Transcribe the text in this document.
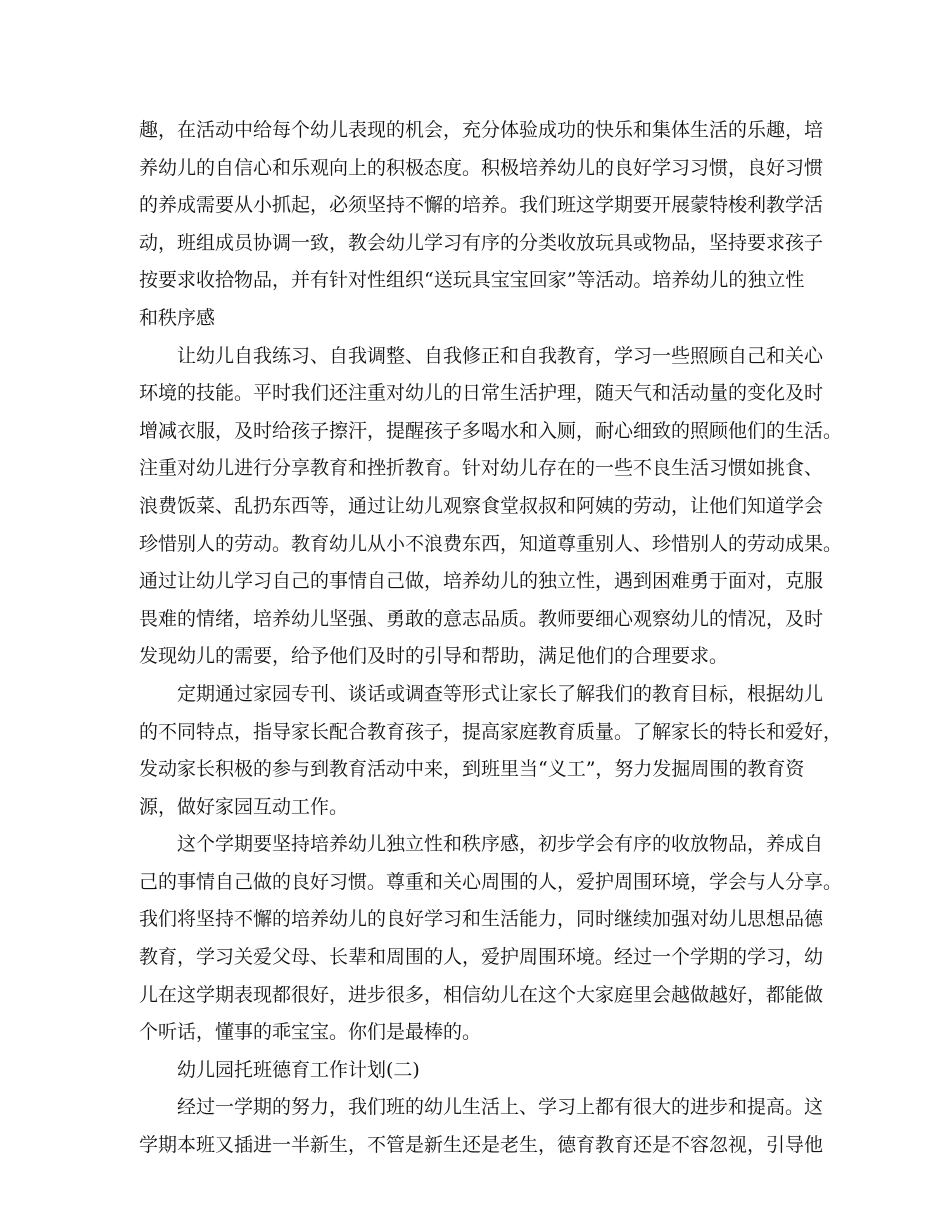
趣，在活动中给每个幼儿表现的机会，充分体验成功的快乐和集体生活的乐趣，培
养幼儿的自信心和乐观向上的积极态度。积极培养幼儿的良好学习习惯，良好习惯
的养成需要从小抓起，必须坚持不懈的培养。我们班这学期要开展蒙特梭利教学活
动，班组成员协调一致，教会幼儿学习有序的分类收放玩具或物品，坚持要求孩子
按要求收拾物品，并有针对性组织“送玩具宝宝回家”等活动。培养幼儿的独立性
和秩序感
让幼儿自我练习、自我调整、自我修正和自我教育，学习一些照顾自己和关心
环境的技能。平时我们还注重对幼儿的日常生活护理，随天气和活动量的变化及时
增减衣服，及时给孩子擦汗，提醒孩子多喝水和入厕，耐心细致的照顾他们的生活。
注重对幼儿进行分享教育和挫折教育。针对幼儿存在的一些不良生活习惯如挑食、
浪费饭菜、乱扔东西等，通过让幼儿观察食堂叔叔和阿姨的劳动，让他们知道学会
珍惜别人的劳动。教育幼儿从小不浪费东西，知道尊重别人、珍惜别人的劳动成果。
通过让幼儿学习自己的事情自己做，培养幼儿的独立性，遇到困难勇于面对，克服
畏难的情绪，培养幼儿坚强、勇敢的意志品质。教师要细心观察幼儿的情况，及时
发现幼儿的需要，给予他们及时的引导和帮助，满足他们的合理要求。
定期通过家园专刊、谈话或调查等形式让家长了解我们的教育目标，根据幼儿
的不同特点，指导家长配合教育孩子，提高家庭教育质量。了解家长的特长和爱好，
发动家长积极的参与到教育活动中来，到班里当“义工”，努力发掘周围的教育资
源，做好家园互动工作。
这个学期要坚持培养幼儿独立性和秩序感，初步学会有序的收放物品，养成自
己的事情自己做的良好习惯。尊重和关心周围的人，爱护周围环境，学会与人分享。
我们将坚持不懈的培养幼儿的良好学习和生活能力，同时继续加强对幼儿思想品德
教育，学习关爱父母、长辈和周围的人，爱护周围环境。经过一个学期的学习，幼
儿在这学期表现都很好，进步很多，相信幼儿在这个大家庭里会越做越好，都能做
个听话，懂事的乖宝宝。你们是最棒的。
幼儿园托班德育工作计划(二)
经过一学期的努力，我们班的幼儿生活上、学习上都有很大的进步和提高。这
学期本班又插进一半新生，不管是新生还是老生，德育教育还是不容忽视，引导他
